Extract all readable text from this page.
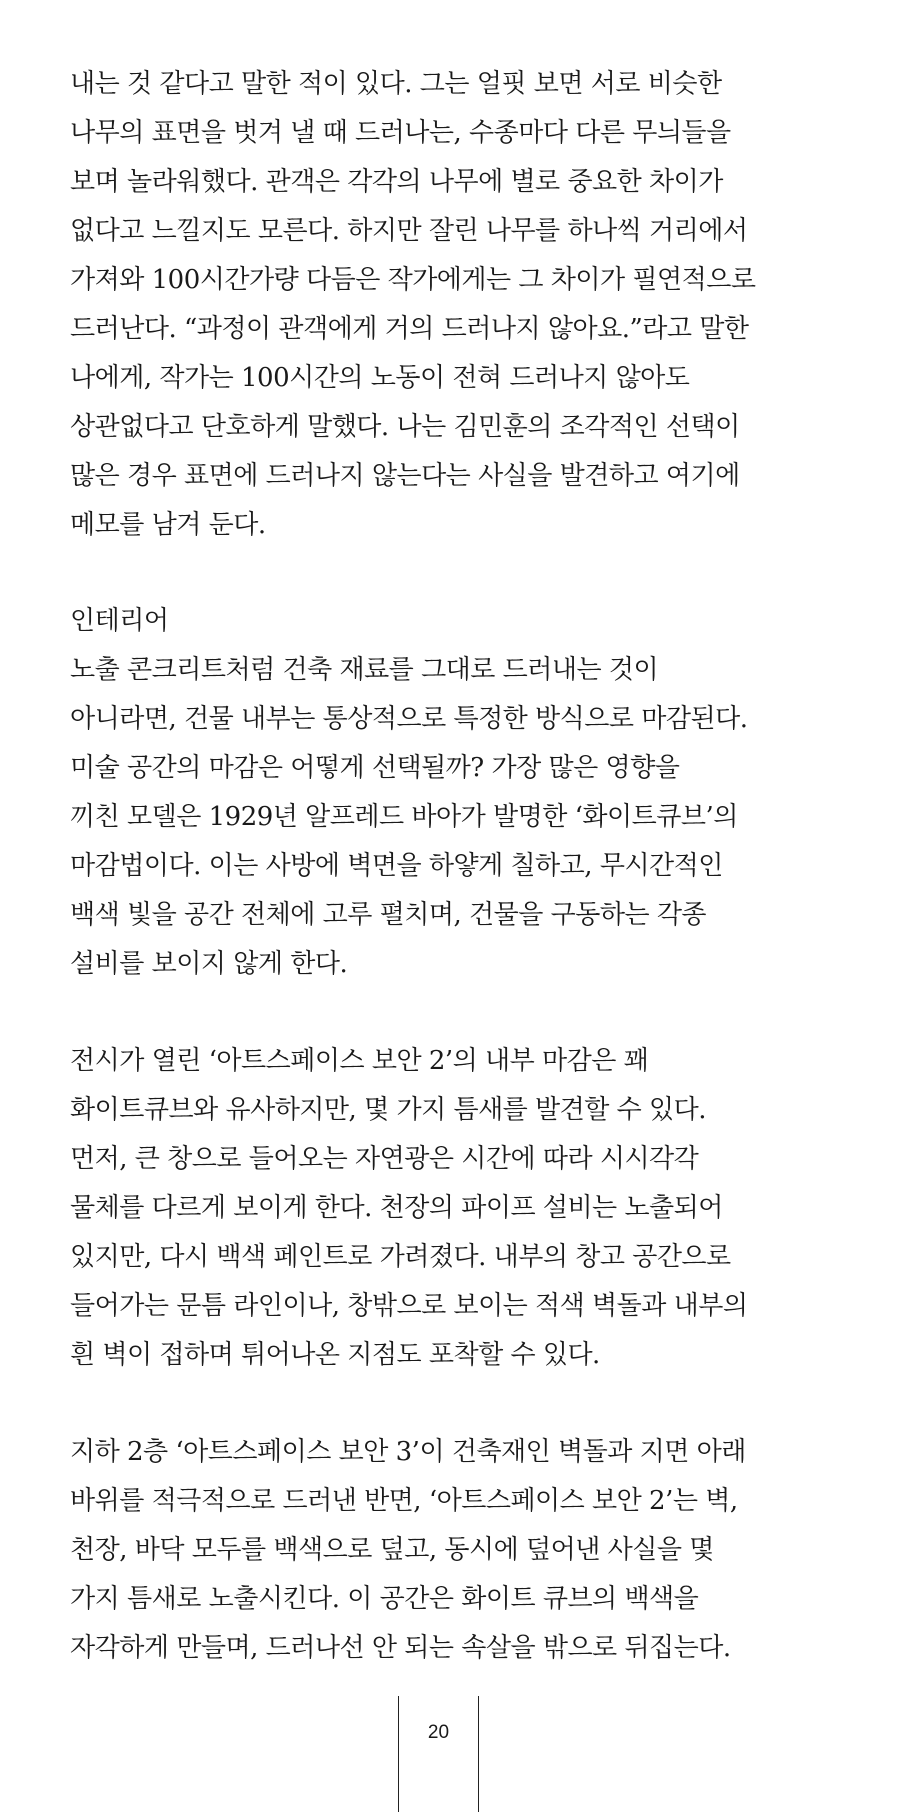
내는 것 같다고 말한 적이 있다. 그는 얼핏 보면 서로 비슷한
나무의 표면을 벗겨 낼 때 드러나는, 수종마다 다른 무늬들을
보며 놀라워했다. 관객은 각각의 나무에 별로 중요한 차이가
없다고 느낄지도 모른다. 하지만 잘린 나무를 하나씩 거리에서
가져와 100시간가량 다듬은 작가에게는 그 차이가 필연적으로
드러난다. “과정이 관객에게 거의 드러나지 않아요.”라고 말한
나에게, 작가는 100시간의 노동이 전혀 드러나지 않아도
상관없다고 단호하게 말했다. 나는 김민훈의 조각적인 선택이
많은 경우 표면에 드러나지 않는다는 사실을 발견하고 여기에
메모를 남겨 둔다.

인테리어

노출 콘크리트처럼 건축 재료를 그대로 드러내는 것이
아니라면, 건물 내부는 통상적으로 특정한 방식으로 마감된다.
미술 공간의 마감은 어떻게 선택될까? 가장 많은 영향을
끼친 모델은 1929년 알프레드 바아가 발명한 ‘화이트큐브’의
마감법이다. 이는 사방에 벽면을 하얗게 칠하고, 무시간적인
백색 빛을 공간 전체에 고루 펼치며, 건물을 구동하는 각종
설비를 보이지 않게 한다.

전시가 열린 ‘아트스페이스 보안 2’의 내부 마감은 꽤
화이트큐브와 유사하지만, 몇 가지 틈새를 발견할 수 있다.
먼저, 큰 창으로 들어오는 자연광은 시간에 따라 시시각각
물체를 다르게 보이게 한다. 천장의 파이프 설비는 노출되어
있지만, 다시 백색 페인트로 가려졌다. 내부의 창고 공간으로
들어가는 문틈 라인이나, 창밖으로 보이는 적색 벽돌과 내부의
흰 벽이 접하며 튀어나온 지점도 포착할 수 있다.

지하 2층 ‘아트스페이스 보안 3’이 건축재인 벽돌과 지면 아래
바위를 적극적으로 드러낸 반면, ‘아트스페이스 보안 2’는 벽,
천장, 바닥 모두를 백색으로 덮고, 동시에 덮어낸 사실을 몇
가지 틈새로 노출시킨다. 이 공간은 화이트 큐브의 백색을
자각하게 만들며, 드러나선 안 되는 속살을 밖으로 뒤집는다.

20
